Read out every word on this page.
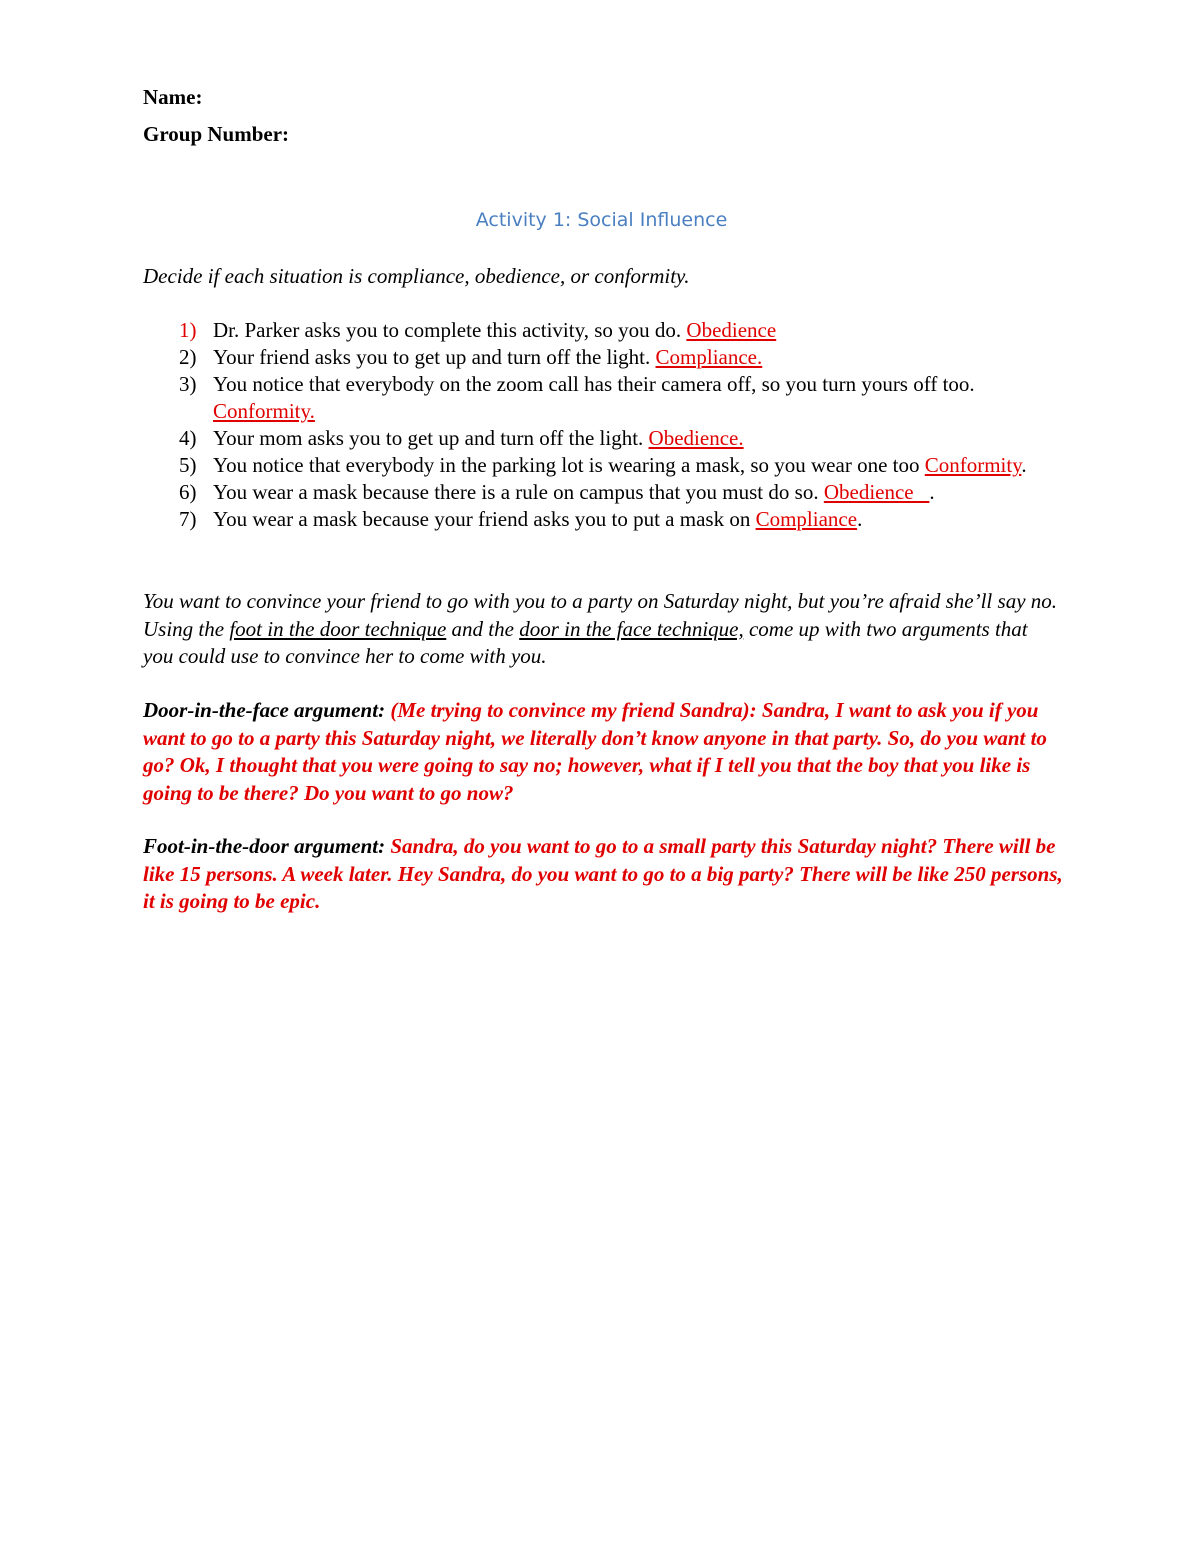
Name:
Group Number:
Activity 1: Social Influence
Decide if each situation is compliance, obedience, or conformity.
1) Dr. Parker asks you to complete this activity, so you do. Obedience
2) Your friend asks you to get up and turn off the light. Compliance.
3) You notice that everybody on the zoom call has their camera off, so you turn yours off too. Conformity.
4) Your mom asks you to get up and turn off the light. Obedience.
5) You notice that everybody in the parking lot is wearing a mask, so you wear one too Conformity.
6) You wear a mask because there is a rule on campus that you must do so. Obedience   .
7) You wear a mask because your friend asks you to put a mask on Compliance.
You want to convince your friend to go with you to a party on Saturday night, but you’re afraid she’ll say no. Using the foot in the door technique and the door in the face technique, come up with two arguments that you could use to convince her to come with you.
Door-in-the-face argument: (Me trying to convince my friend Sandra): Sandra, I want to ask you if you want to go to a party this Saturday night, we literally don’t know anyone in that party. So, do you want to go? Ok, I thought that you were going to say no; however, what if I tell you that the boy that you like is going to be there? Do you want to go now?
Foot-in-the-door argument: Sandra, do you want to go to a small party this Saturday night? There will be like 15 persons. A week later. Hey Sandra, do you want to go to a big party? There will be like 250 persons, it is going to be epic.
